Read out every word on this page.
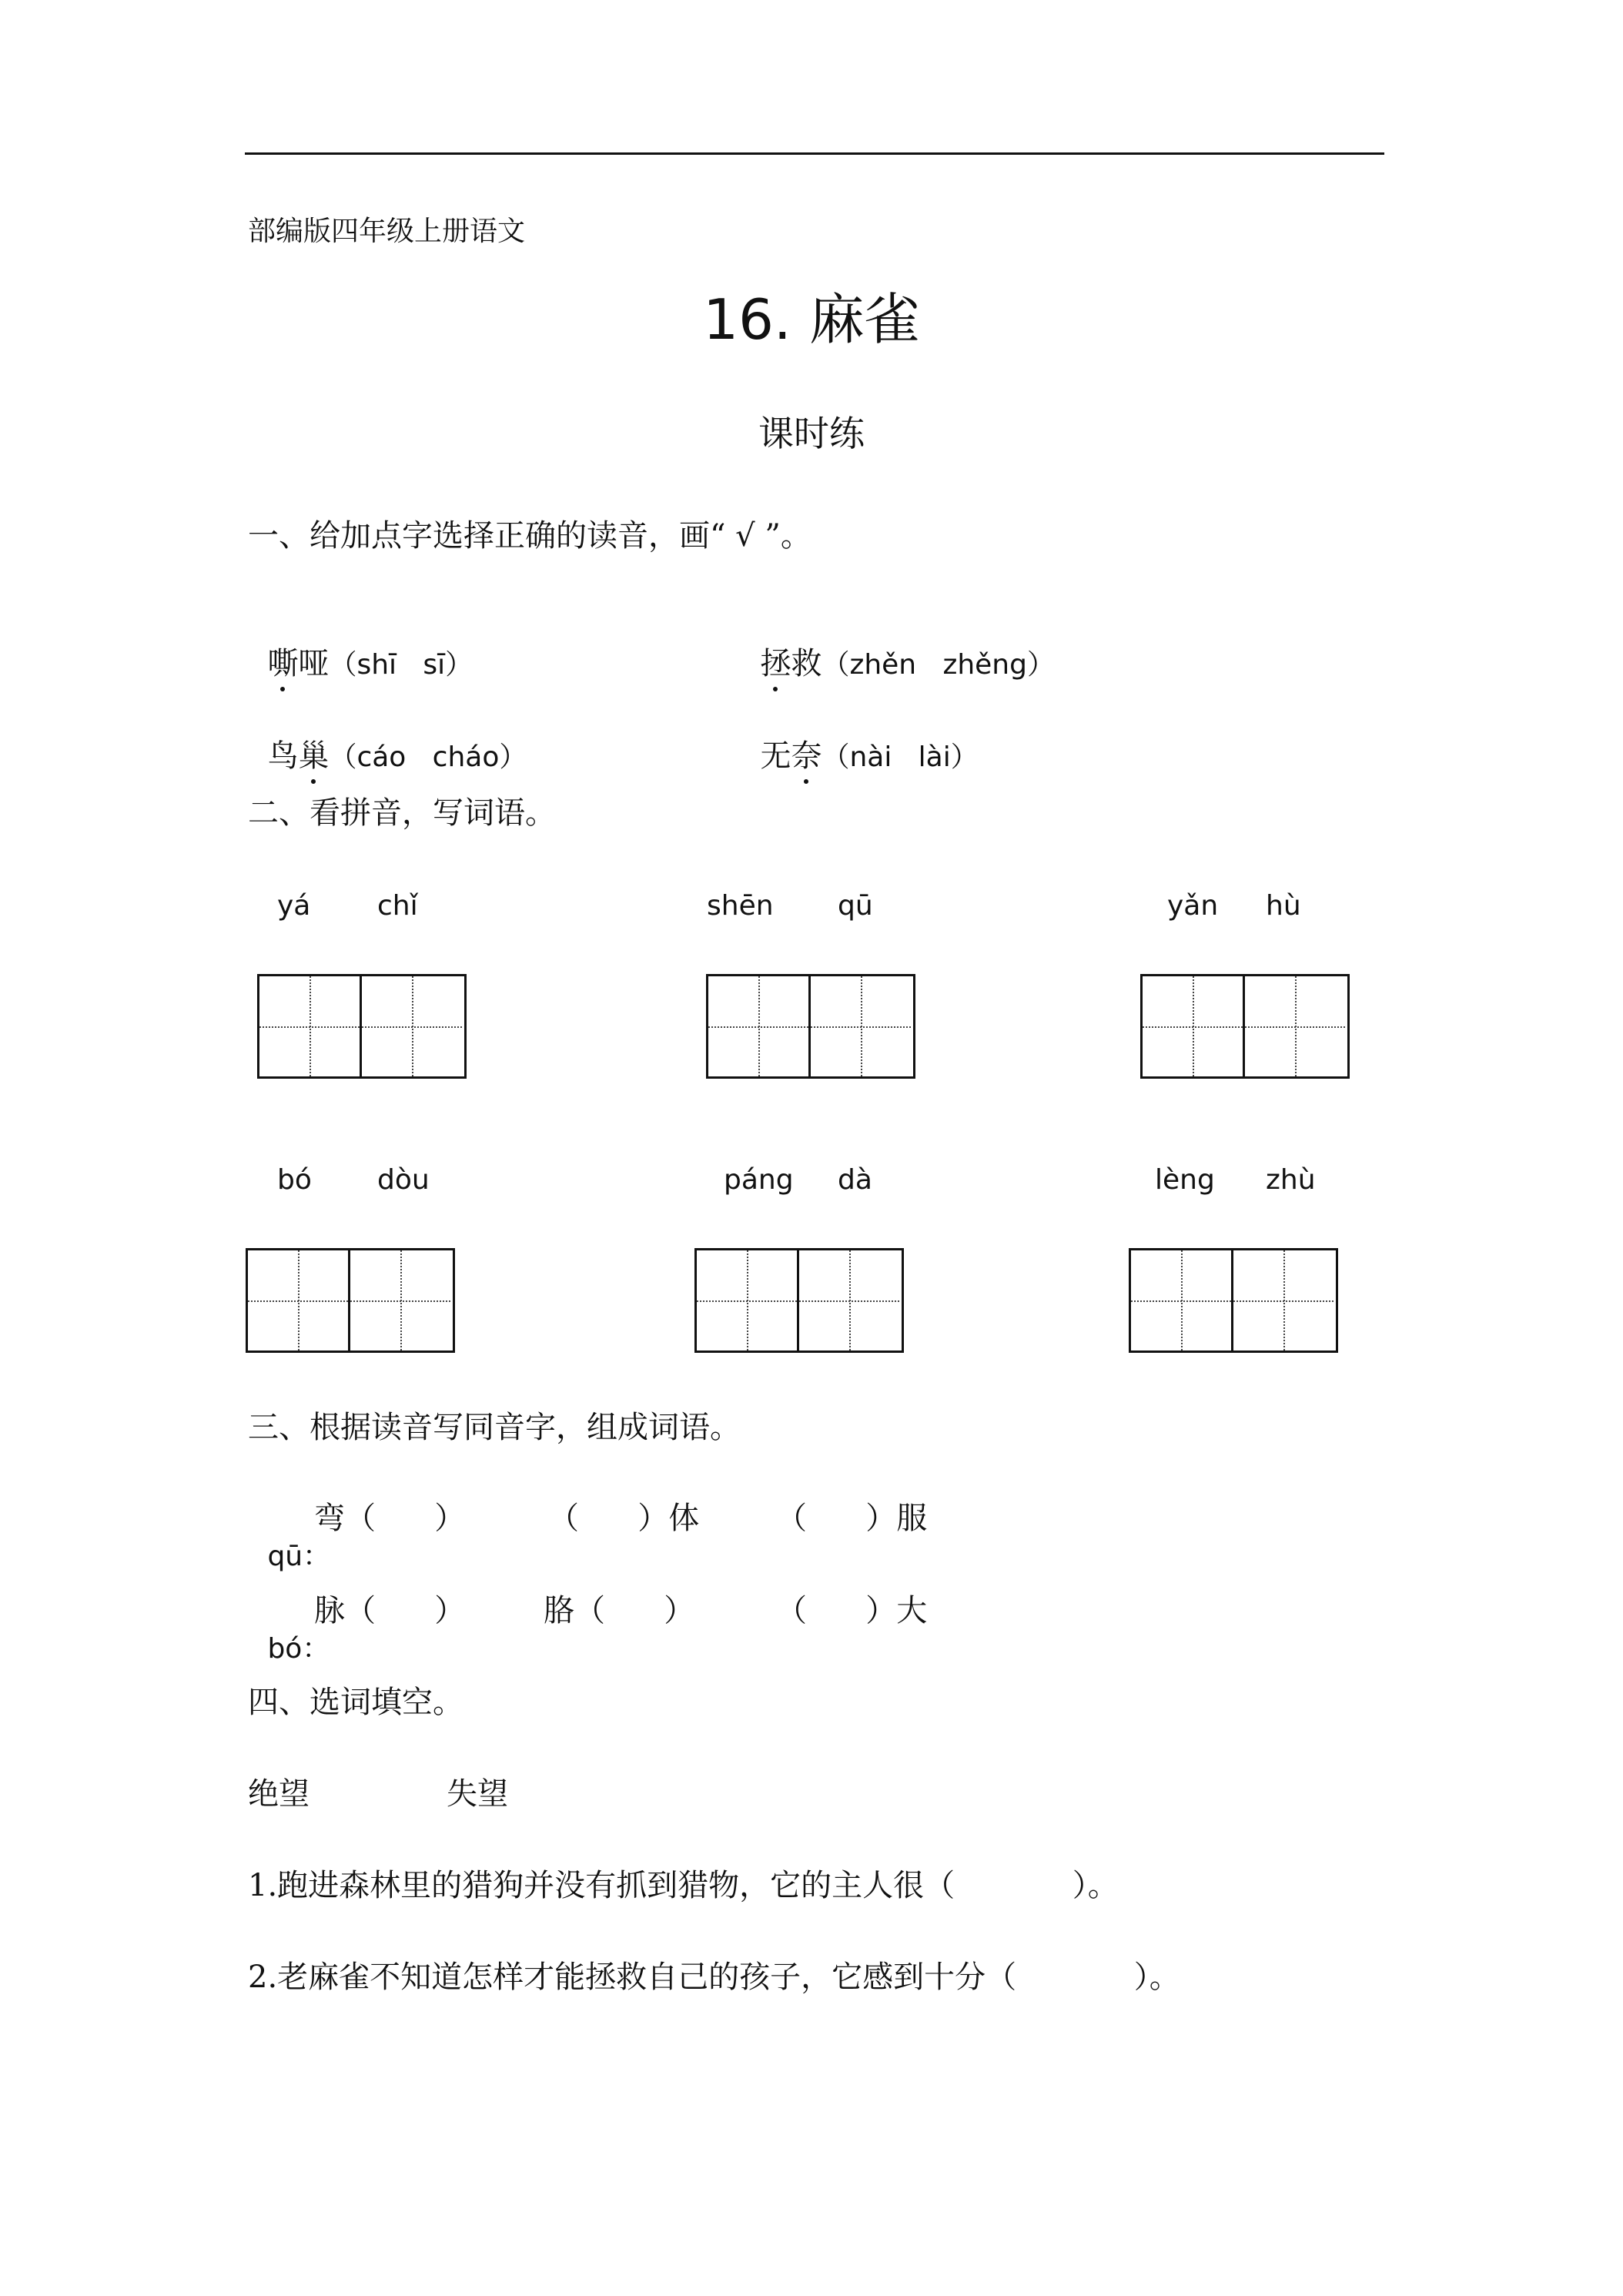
部编版四年级上册语文
16. 麻雀
课时练
一、给加点字选择正确的读音，画“ √ ”。

嘶哑（shī   sī）	拯救（zhěn   zhěng）

鸟巢（cáo   cháo）	无奈（nài   lài）

二、看拼音，写词语。
yá chǐ	shēn qū	yǎn hù
bó dòu	páng dà	lèng zhù
三、根据读音写同音字，组成词语。

qū：

弯（      ）	（      ）体 （      ）服

bó：

脉（      ）	胳（      ）	（      ）大
四、选词填空。
绝望	失望
1.跑进森林里的猎狗并没有抓到猎物，它的主人很（            ）。
2.老麻雀不知道怎样才能拯救自己的孩子，它感到十分（            ）。
